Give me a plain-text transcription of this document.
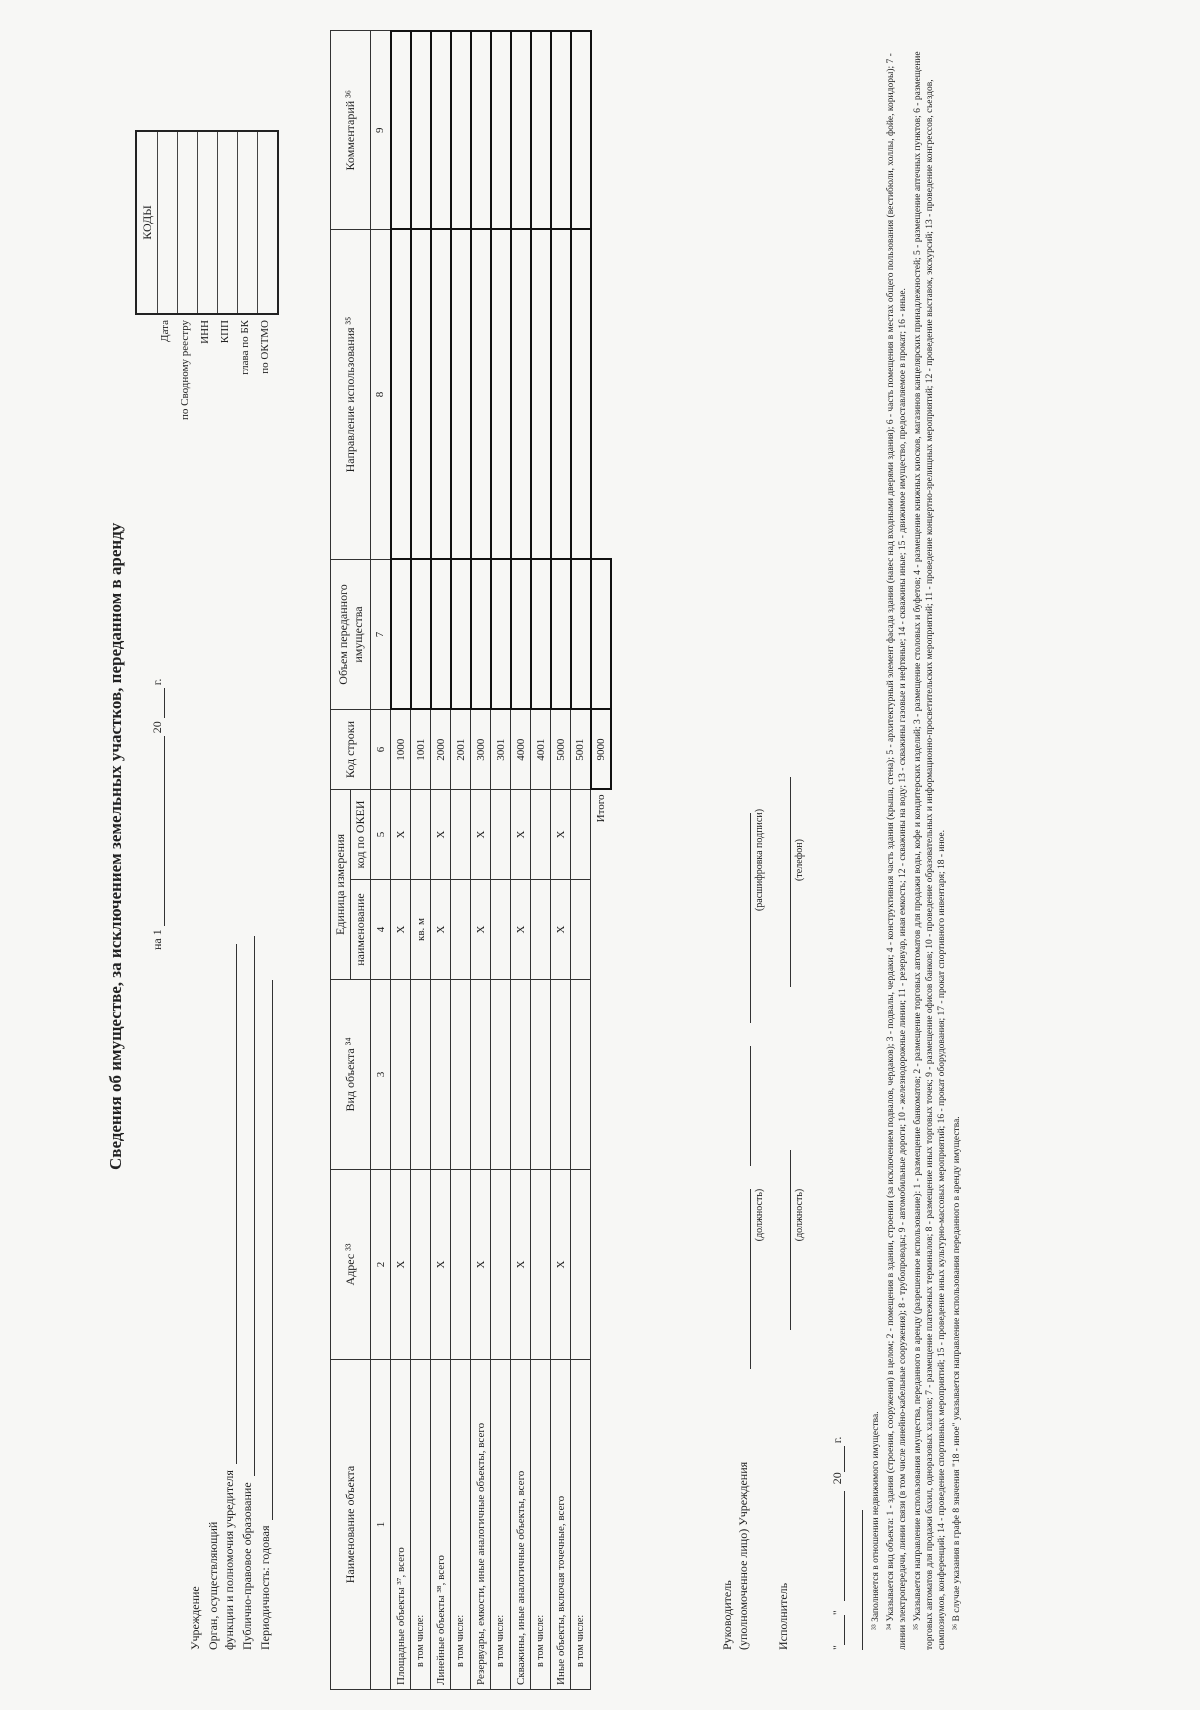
Сведения об имуществе, за исключением земельных участков, переданном в аренду на 1  20  г.
Учреждение Орган, осуществляющий функции и полномочия учредителя Публично-правовое образование Периодичность: годовая
Дата по Сводному реестру ИНН КПП глава по БК по ОКТМО
КОДЫ
Наименование объекта	Адрес ³³	Вид объекта ³⁴	Единица измерения		Код строки	Объем переданного имущества	Направление использования ³⁵	Комментарий ³⁶
			наименование	код по ОКЕИ				
1	2	3	4	5	6	7	8	9
Площадные объекты ³⁷, всего	X		X	X	1000			
в том числе:			кв. м		1001			
Линейные объекты ³⁸, всего	X		X	X	2000			
в том числе:					2001			
Резервуары, емкости, иные аналогичные объекты, всего	X		X	X	3000			
в том числе:					3001			
Скважины, иные аналогичные объекты, всего	X		X	X	4000			
в том числе:					4001			
Иные объекты, включая точечные, всего	X		X	X	5000			
в том числе:					5001			
Итого					9000			
Руководитель (уполномоченное лицо) Учреждения
(должность)
(расшифровка подписи)
Исполнитель
(должность)
(телефон)
""  20 г.	³³ Заполняется в отношении недвижимого имущества. ³⁴ Указывается вид объекта: 1 - здания (строения, сооружения) в целом; 2 - помещения в здании, строении (за исключением подвалов, чердаков); 3 - подвалы, чердаки; 4 - конструктивная часть здания (крыша, стена); 5 - архитектурный элемент фасада здания (навес над входными дверями здания); 6 - часть помещения в местах общего пользования (вестибюли, холлы, фойе, коридоры); 7 - линии электропередачи, линии связи (в том числе линейно-кабельные сооружения); 8 - трубопроводы; 9 - автомобильные дороги; 10 - железнодорожные линии; 11 - резервуар, иная емкость; 12 - скважины на воду; 13 - скважины газовые и нефтяные; 14 - скважины иные; 15 - движимое имущество, предоставляемое в прокат; 16 - иные. ³⁵ Указывается направление использования имущества, переданного в аренду (разрешенное использование): 1 - размещение банкоматов; 2 - размещение торговых автоматов для продажи воды, кофе и кондитерских изделий; 3 - размещение столовых и буфетов; 4 - размещение книжных киосков, магазинов канцелярских принадлежностей; 5 - размещение аптечных пунктов; 6 - размещение торговых автоматов для продажи бахил, одноразовых халатов; 7 - размещение платежных терминалов; 8 - размещение иных торговых точек; 9 - размещение офисов банков; 10 - проведение образовательных и информационно-просветительских мероприятий; 11 - проведение концертно-зрелищных мероприятий; 12 - проведение выставок, экскурсий; 13 - проведение конгрессов, съездов, симпозиумов, конференций; 14 - проведение спортивных мероприятий; 15 - проведение иных культурно-массовых мероприятий; 16 - прокат оборудования; 17 - прокат спортивного инвентаря; 18 - иное. ³⁶ В случае указания в графе 8 значения "18 - иное" указывается направление использования переданного в аренду имущества.
